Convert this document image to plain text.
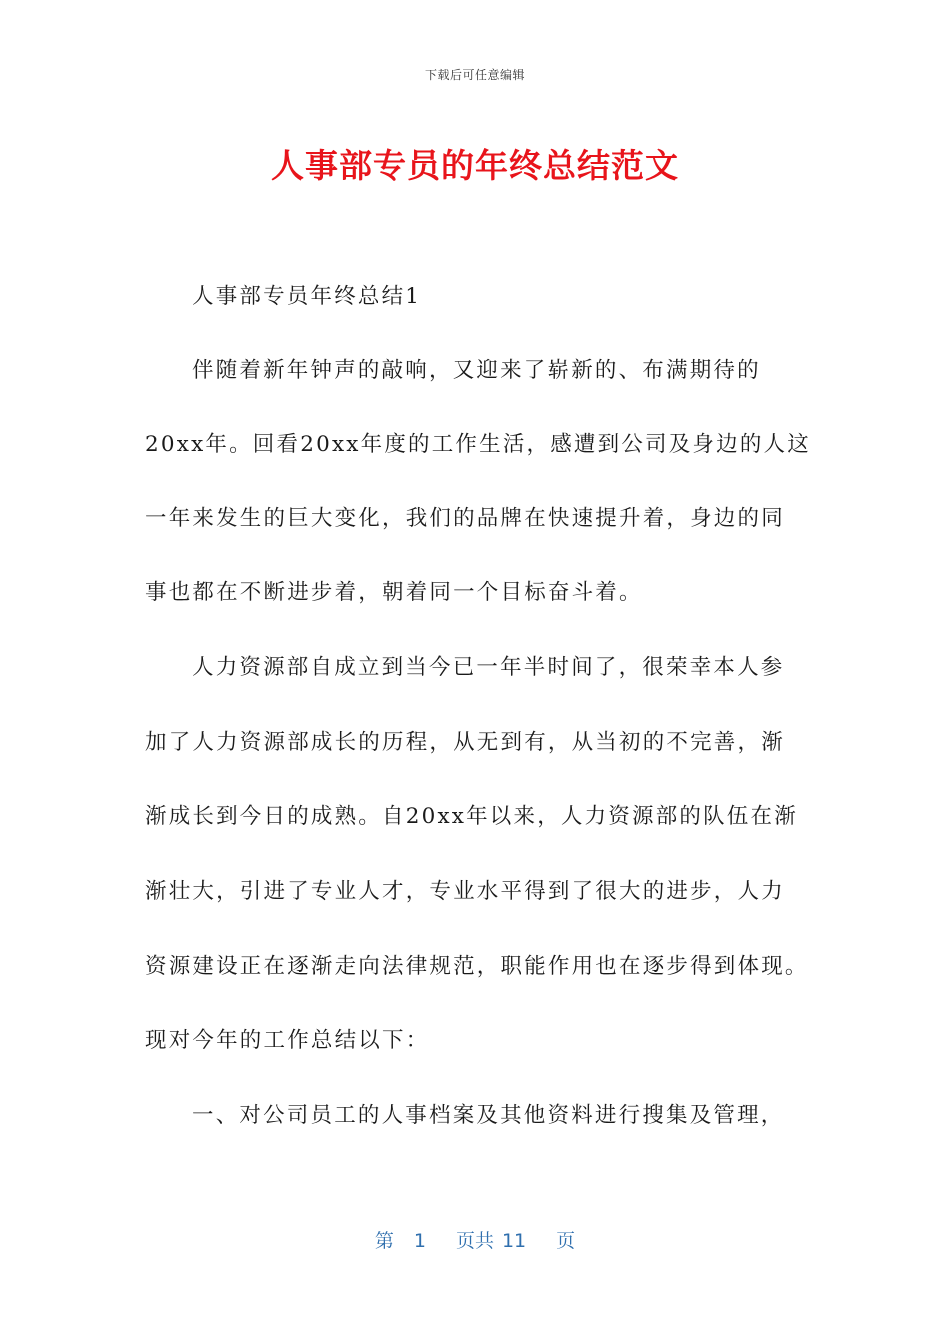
下载后可任意编辑
人事部专员的年终总结范文
人事部专员年终总结1
伴随着新年钟声的敲响，又迎来了崭新的、布满期待的
20xx年。回看20xx年度的工作生活，感遭到公司及身边的人这
一年来发生的巨大变化，我们的品牌在快速提升着，身边的同
事也都在不断进步着，朝着同一个目标奋斗着。
人力资源部自成立到当今已一年半时间了，很荣幸本人参
加了人力资源部成长的历程，从无到有，从当初的不完善，渐
渐成长到今日的成熟。自20xx年以来，人力资源部的队伍在渐
渐壮大，引进了专业人才，专业水平得到了很大的进步，人力
资源建设正在逐渐走向法律规范，职能作用也在逐步得到体现。
现对今年的工作总结以下：
一、对公司员工的人事档案及其他资料进行搜集及管理，
第 1 页共 11 页
